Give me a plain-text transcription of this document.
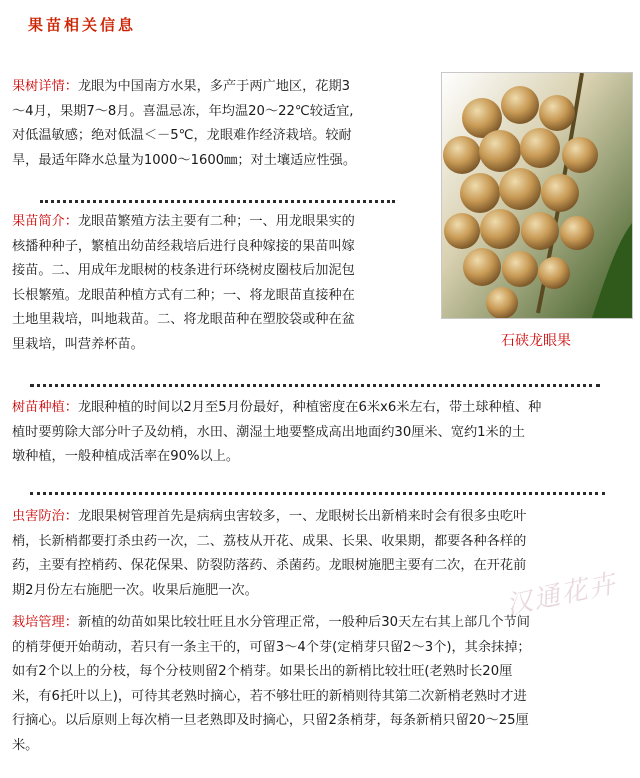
果苗相关信息
果树详情：龙眼为中国南方水果，多产于两广地区，花期3
～4月，果期7～8月。喜温忌冻，年均温20～22℃较适宜,
对低温敏感；绝对低温＜－5℃，龙眼难作经济栽培。较耐
旱，最适年降水总量为1000～1600㎜；对土壤适应性强。
果苗简介：龙眼苗繁殖方法主要有二种；一、用龙眼果实的
核播种种子，繁植出幼苗经栽培后进行良种嫁接的果苗叫嫁
接苗。二、用成年龙眼树的枝条进行环绕树皮圈枝后加泥包
长根繁殖。龙眼苗种植方式有二种；一、将龙眼苗直接种在
土地里栽培，叫地栽苗。二、将龙眼苗种在塑胶袋或种在盆
里栽培，叫营养杯苗。	石硖龙眼果
树苗种植：龙眼种植的时间以2月至5月份最好，种植密度在6米x6米左右，带土球种植、种
植时要剪除大部分叶子及幼梢，水田、潮湿土地要整成高出地面约30厘米、宽约1米的土
墩种植，一般种植成活率在90%以上。
虫害防治：龙眼果树管理首先是病病虫害较多，一、龙眼树长出新梢来时会有很多虫吃叶
梢，长新梢都要打杀虫药一次，二、荔枝从开花、成果、长果、收果期，都要各种各样的
药，主要有控梢药、保花保果、防裂防落药、杀菌药。龙眼树施肥主要有二次，在开花前
期2月份左右施肥一次。收果后施肥一次。	汉通花卉
栽培管理：新植的幼苗如果比较壮旺且水分管理正常，一般种后30天左右其上部几个节间
的梢芽便开始萌动，若只有一条主干的，可留3～4个芽(定梢芽只留2～3个)，其余抹掉；
如有2个以上的分枝，每个分枝则留2个梢芽。如果长出的新梢比较壮旺(老熟时长20厘
米，有6托叶以上)，可待其老熟时摘心，若不够壮旺的新梢则待其第二次新梢老熟时才进
行摘心。以后原则上每次梢一旦老熟即及时摘心，只留2条梢芽，每条新梢只留20～25厘
米。
